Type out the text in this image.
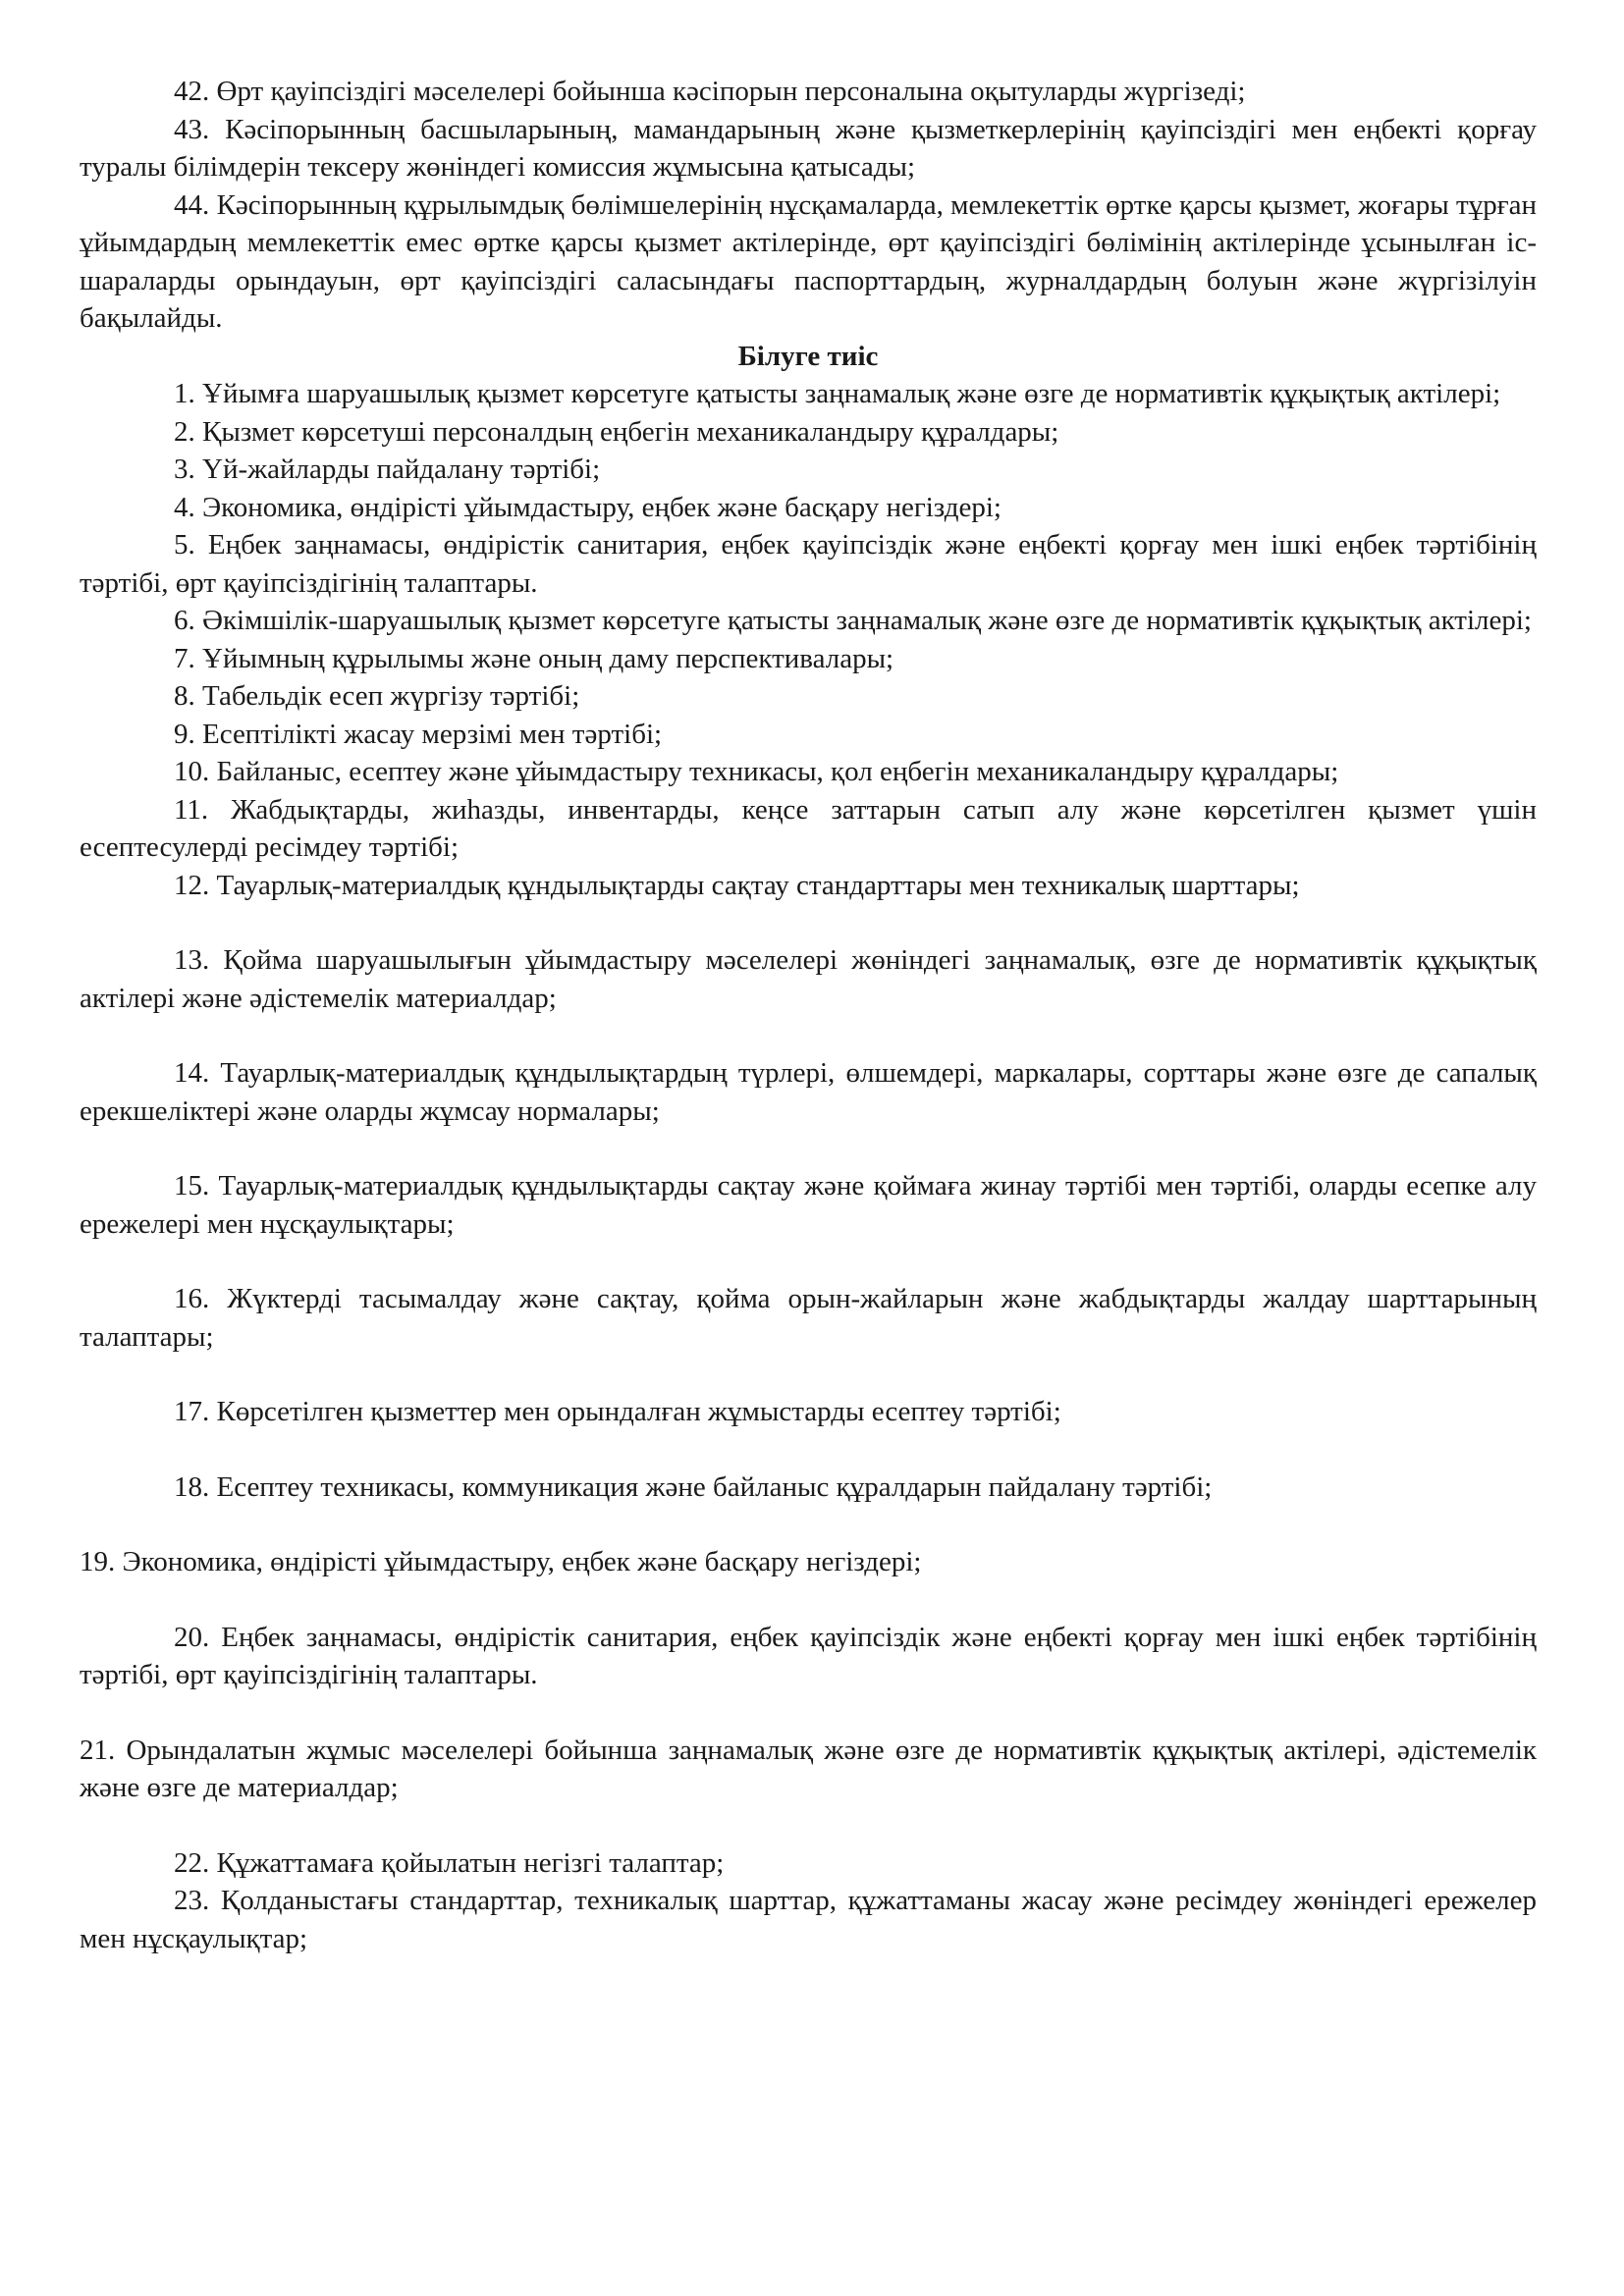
42. Өрт қауіпсіздігі мәселелері бойынша кәсіпорын персоналына оқытуларды жүргізеді;

43. Кәсіпорынның басшыларының, мамандарының және қызметкерлерінің қауіпсіздігі мен еңбекті қорғау туралы білімдерін тексеру жөніндегі комиссия жұмысына қатысады;

44. Кәсіпорынның құрылымдық бөлімшелерінің нұсқамаларда, мемлекеттік өртке қарсы қызмет, жоғары тұрған ұйымдардың мемлекеттік емес өртке қарсы қызмет актілерінде, өрт қауіпсіздігі бөлімінің актілерінде ұсынылған іс-шараларды орындауын, өрт қауіпсіздігі саласындағы паспорттардың, журналдардың болуын және жүргізілуін бақылайды.

Білуге тиіс

1. Ұйымға шаруашылық қызмет көрсетуге қатысты заңнамалық және өзге де нормативтік құқықтық актілері;

2. Қызмет көрсетуші персоналдың еңбегін механикаландыру құралдары;

3. Үй-жайларды пайдалану тәртібі;

4. Экономика, өндірісті ұйымдастыру, еңбек және басқару негіздері;

5. Еңбек заңнамасы, өндірістік санитария, еңбек қауіпсіздік және еңбекті қорғау мен ішкі еңбек тәртібінің тәртібі, өрт қауіпсіздігінің талаптары.

6. Әкімшілік-шаруашылық қызмет көрсетуге қатысты заңнамалық және өзге де нормативтік құқықтық актілері;

7. Ұйымның құрылымы және оның даму перспективалары;

8. Табельдік есеп жүргізу тәртібі;

9. Есептілікті жасау мерзімі мен тәртібі;

10. Байланыс, есептеу және ұйымдастыру техникасы, қол еңбегін механикаландыру құралдары;

11. Жабдықтарды, жиһазды, инвентарды, кеңсе заттарын сатып алу және көрсетілген қызмет үшін есептесулерді ресімдеу тәртібі;

12. Тауарлық-материалдық құндылықтарды сақтау стандарттары мен техникалық шарттары;

13. Қойма шаруашылығын ұйымдастыру мәселелері жөніндегі заңнамалық, өзге де нормативтік құқықтық актілері және әдістемелік материалдар;

14. Тауарлық-материалдық құндылықтардың түрлері, өлшемдері, маркалары, сорттары және өзге де сапалық ерекшеліктері және оларды жұмсау нормалары;

15. Тауарлық-материалдық құндылықтарды сақтау және қоймаға жинау тәртібі мен тәртібі, оларды есепке алу ережелері мен нұсқаулықтары;

16. Жүктерді тасымалдау және сақтау, қойма орын-жайларын және жабдықтарды жалдау шарттарының талаптары;

17. Көрсетілген қызметтер мен орындалған жұмыстарды есептеу тәртібі;

18. Есептеу техникасы, коммуникация және байланыс құралдарын пайдалану тәртібі;

19. Экономика, өндірісті ұйымдастыру, еңбек және басқару негіздері;

20. Еңбек заңнамасы, өндірістік санитария, еңбек қауіпсіздік және еңбекті қорғау мен ішкі еңбек тәртібінің тәртібі, өрт қауіпсіздігінің талаптары.

21. Орындалатын жұмыс мәселелері бойынша заңнамалық және өзге де нормативтік құқықтық актілері, әдістемелік және өзге де материалдар;

22. Құжаттамаға қойылатын негізгі талаптар;

23. Қолданыстағы стандарттар, техникалық шарттар, құжаттаманы жасау және ресімдеу жөніндегі ережелер мен нұсқаулықтар;
